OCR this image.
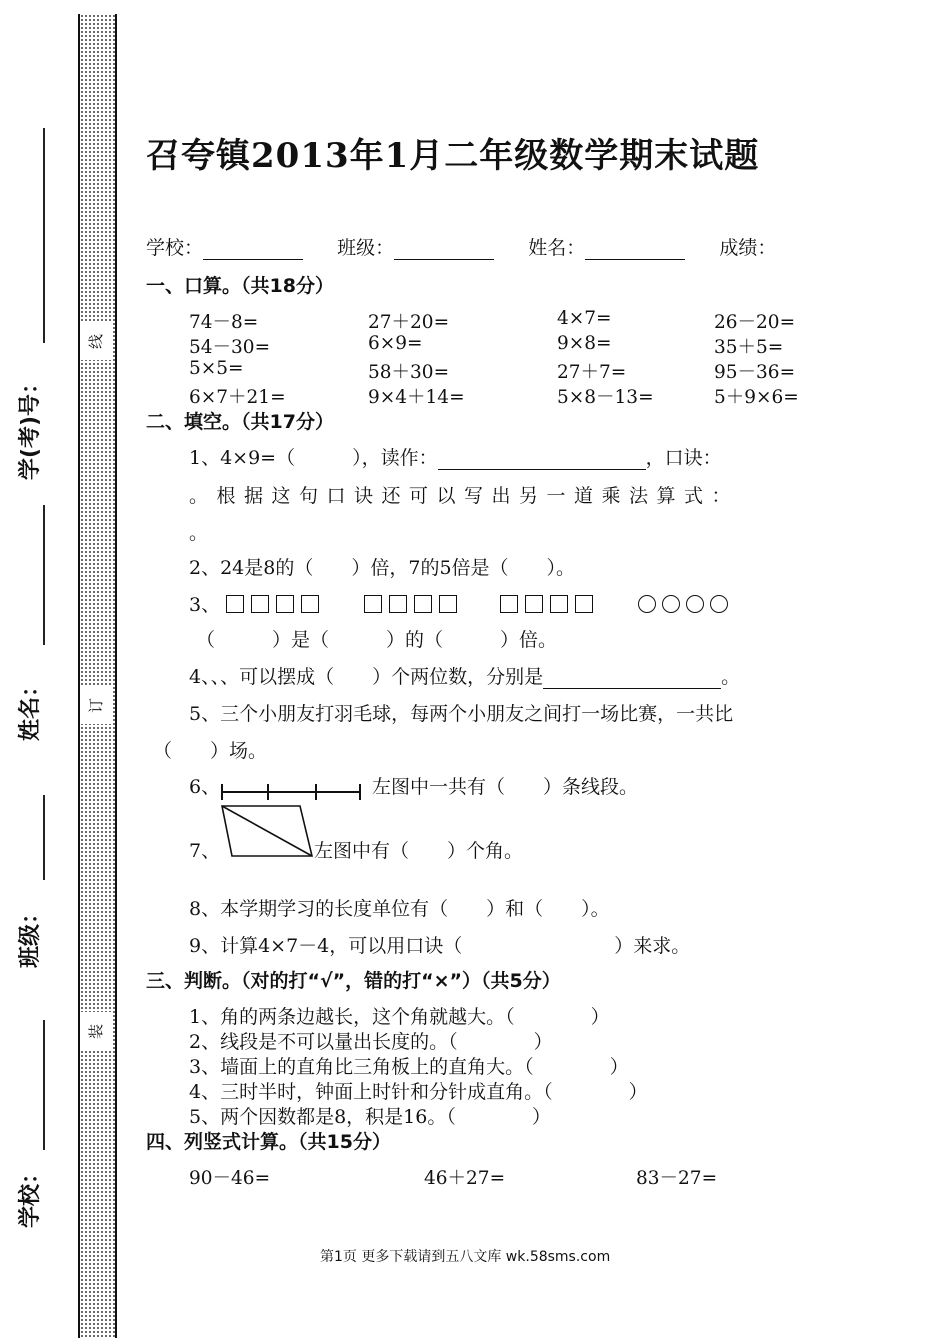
学(考)号：
姓名：
班级：
学校：
线
订
装
召夸镇2013年1月二年级数学期末试题
学校：	班级：	姓名：	成绩：
一、口算。（共18分）
74－8=	27＋20=	4×7=	26－20=
54－30=	6×9=	9×8=	35＋5=
5×5=	58＋30=	27＋7=	95－36=
6×7＋21=	9×4＋14=	5×8－13=	5＋9×6=
二、填空。（共17分）
1、4×9=（　　　），读作：	，口诀：
。根据这句口诀还可以写出另一道乘法算式：
。
2、24是8的（　　）倍，7的5倍是（　　）。
3、
（　　　）是（　　　）的（　　　）倍。
4、、、可以摆成（　　）个两位数，分别是	。
5、三个小朋友打羽毛球，每两个小朋友之间打一场比赛，一共比
（　　）场。
6、	左图中一共有（　　）条线段。
7、	左图中有（　　）个角。
8、本学期学习的长度单位有（　　）和（　　）。
9、计算4×7－4，可以用口诀（　　　　　　　　）来求。
三、判断。（对的打“√”，错的打“×”）（共5分）
1、角的两条边越长，这个角就越大。（　　　　）
2、线段是不可以量出长度的。（　　　　）
3、墙面上的直角比三角板上的直角大。（　　　　）
4、三时半时，钟面上时针和分针成直角。（　　　　）
5、两个因数都是8，积是16。（　　　　）
四、列竖式计算。（共15分）
90－46=	46＋27=	83－27=
第1页 更多下载请到五八文库 wk.58sms.com
